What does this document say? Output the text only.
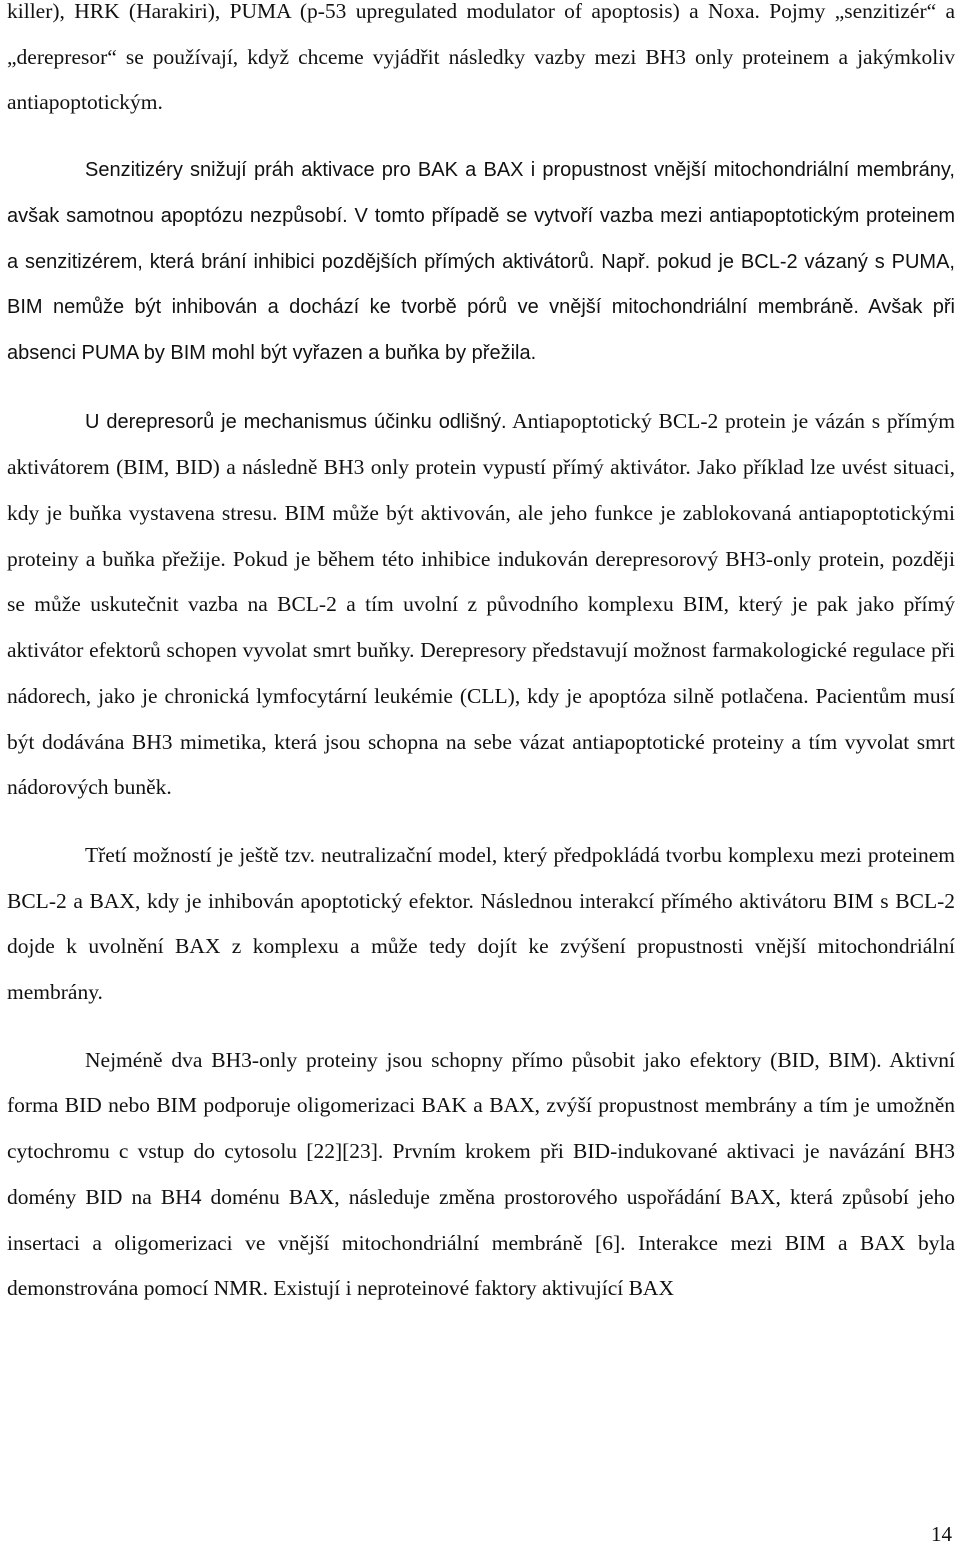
killer), HRK (Harakiri), PUMA (p-53 upregulated modulator of apoptosis) a Noxa. Pojmy „senzitizér“ a „derepresor“ se používají, když chceme vyjádřit následky vazby mezi BH3 only proteinem a jakýmkoliv antiapoptotickým.

Senzitizéry snižují práh aktivace pro BAK a BAX i propustnost vnější mitochondriální membrány, avšak samotnou apoptózu nezpůsobí. V tomto případě se vytvoří vazba mezi antiapoptotickým proteinem a senzitizérem, která brání inhibici pozdějších přímých aktivátorů. Např. pokud je BCL-2 vázaný s PUMA, BIM nemůže být inhibován a dochází ke tvorbě pórů ve vnější mitochondriální membráně. Avšak při absenci PUMA by BIM mohl být vyřazen a buňka by přežila.

U derepresorů je mechanismus účinku odlišný. Antiapoptotický BCL-2 protein je vázán s přímým aktivátorem (BIM, BID) a následně BH3 only protein vypustí přímý aktivátor. Jako příklad lze uvést situaci, kdy je buňka vystavena stresu. BIM může být aktivován, ale jeho funkce je zablokovaná antiapoptotickými proteiny a buňka přežije. Pokud je během této inhibice indukován derepresorový BH3-only protein, později se může uskutečnit vazba na BCL-2 a tím uvolní z původního komplexu BIM, který je pak jako přímý aktivátor efektorů schopen vyvolat smrt buňky. Derepresory představují možnost farmakologické regulace při nádorech, jako je chronická lymfocytární leukémie (CLL), kdy je apoptóza silně potlačena. Pacientům musí být dodávána BH3 mimetika, která jsou schopna na sebe vázat antiapoptotické proteiny a tím vyvolat smrt nádorových buněk.

Třetí možností je ještě tzv. neutralizační model, který předpokládá tvorbu komplexu mezi proteinem BCL-2 a BAX, kdy je inhibován apoptotický efektor. Následnou interakcí přímého aktivátoru BIM s BCL-2 dojde k uvolnění BAX z komplexu a může tedy dojít ke zvýšení propustnosti vnější mitochondriální membrány.

Nejméně dva BH3-only proteiny jsou schopny přímo působit jako efektory (BID, BIM). Aktivní forma BID nebo BIM podporuje oligomerizaci BAK a BAX, zvýší propustnost membrány a tím je umožněn cytochromu c vstup do cytosolu [22][23]. Prvním krokem při BID-indukované aktivaci je navázání BH3 domény BID na BH4 doménu BAX, následuje změna prostorového uspořádání BAX, která způsobí jeho insertaci a oligomerizaci ve vnější mitochondriální membráně [6]. Interakce mezi BIM a BAX byla demonstrována pomocí NMR. Existují i neproteinové faktory aktivující BAX

14
